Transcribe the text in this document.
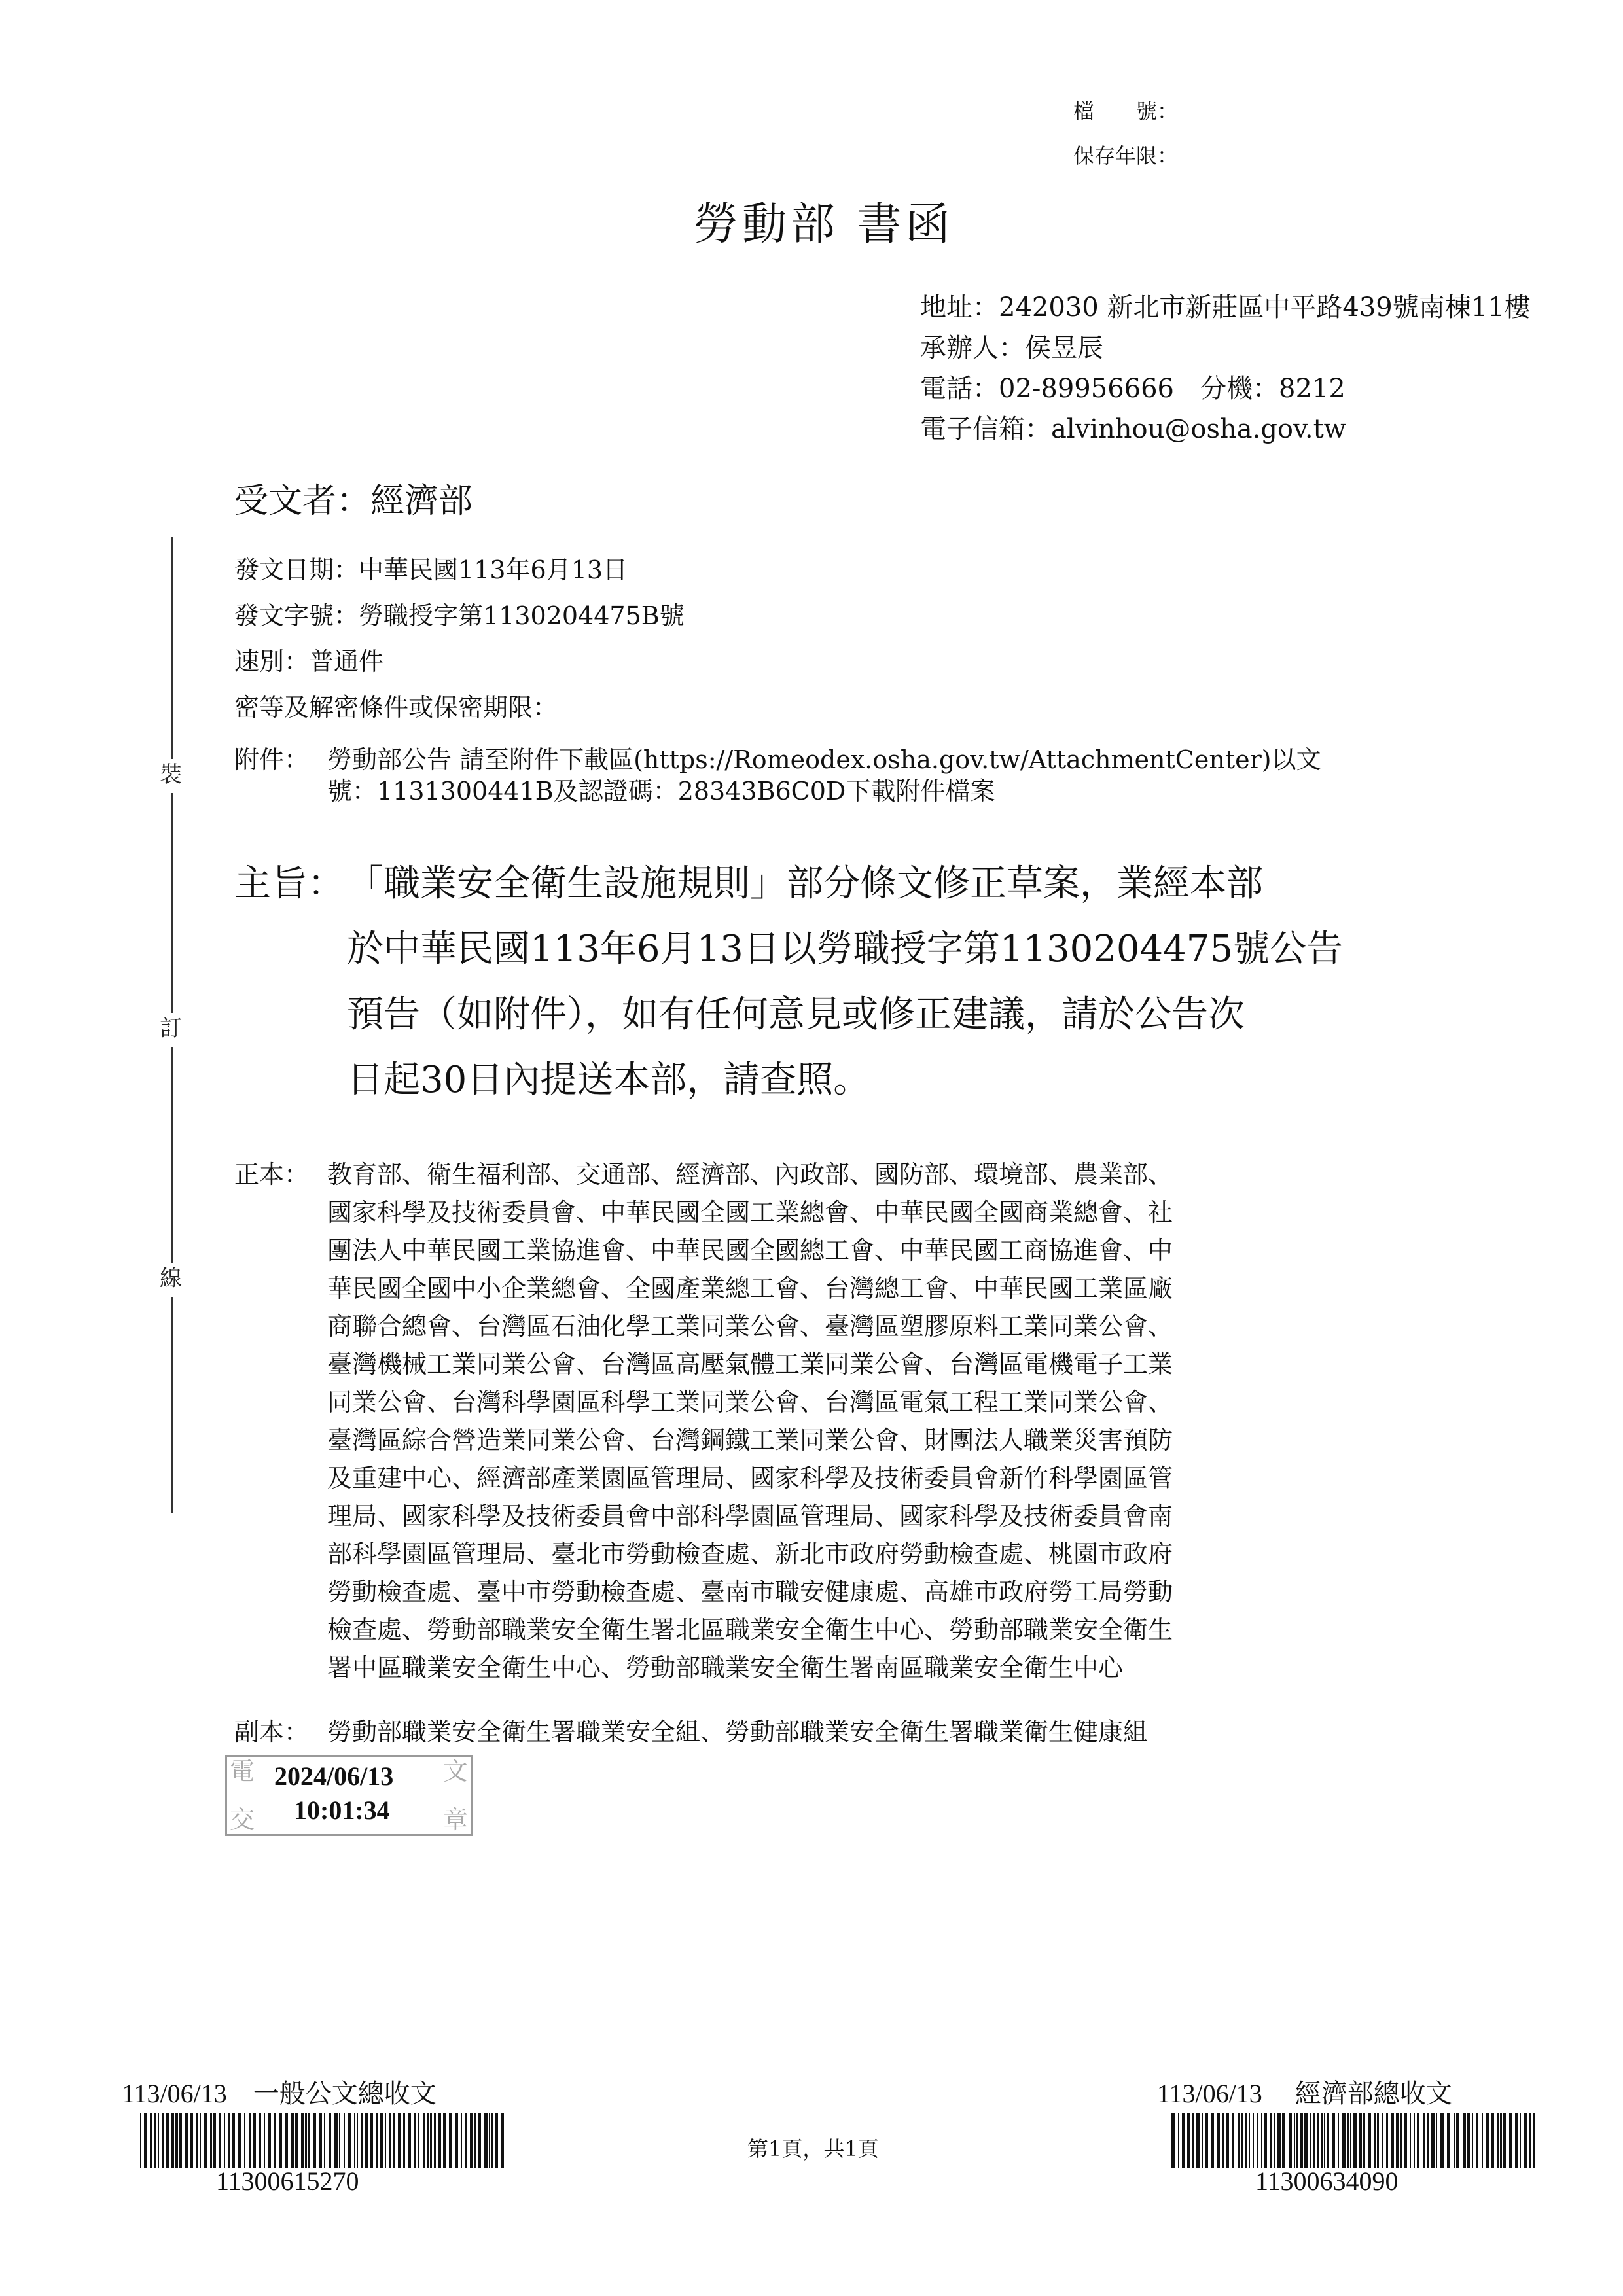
檔　　號：
保存年限：
勞動部 書函
地址：242030 新北市新莊區中平路439號南棟11樓
承辦人：侯昱辰
電話：02-89956666　分機：8212
電子信箱：alvinhou@osha.gov.tw
受文者：經濟部
裝
訂
線
發文日期：中華民國113年6月13日
發文字號：勞職授字第1130204475B號
速別：普通件
密等及解密條件或保密期限：
附件： 勞動部公告 請至附件下載區(https://Romeodex.osha.gov.tw/AttachmentCenter)以文
號：1131300441B及認證碼：28343B6C0D下載附件檔案
主旨： 「職業安全衛生設施規則」部分條文修正草案，業經本部
於中華民國113年6月13日以勞職授字第1130204475號公告
預告（如附件），如有任何意見或修正建議，請於公告次
日起30日內提送本部，請查照。
正本： 教育部、衛生福利部、交通部、經濟部、內政部、國防部、環境部、農業部、
國家科學及技術委員會、中華民國全國工業總會、中華民國全國商業總會、社
團法人中華民國工業協進會、中華民國全國總工會、中華民國工商協進會、中
華民國全國中小企業總會、全國產業總工會、台灣總工會、中華民國工業區廠
商聯合總會、台灣區石油化學工業同業公會、臺灣區塑膠原料工業同業公會、
臺灣機械工業同業公會、台灣區高壓氣體工業同業公會、台灣區電機電子工業
同業公會、台灣科學園區科學工業同業公會、台灣區電氣工程工業同業公會、
臺灣區綜合營造業同業公會、台灣鋼鐵工業同業公會、財團法人職業災害預防
及重建中心、經濟部產業園區管理局、國家科學及技術委員會新竹科學園區管
理局、國家科學及技術委員會中部科學園區管理局、國家科學及技術委員會南
部科學園區管理局、臺北市勞動檢查處、新北市政府勞動檢查處、桃園市政府
勞動檢查處、臺中市勞動檢查處、臺南市職安健康處、高雄市政府勞工局勞動
檢查處、勞動部職業安全衛生署北區職業安全衛生中心、勞動部職業安全衛生
署中區職業安全衛生中心、勞動部職業安全衛生署南區職業安全衛生中心
副本： 勞動部職業安全衛生署職業安全組、勞動部職業安全衛生署職業衛生健康組
電	文
交	章
2024/06/13
10:01:34
113/06/13　一般公文總收文
11300615270
第1頁，共1頁
113/06/13　 經濟部總收文
11300634090
